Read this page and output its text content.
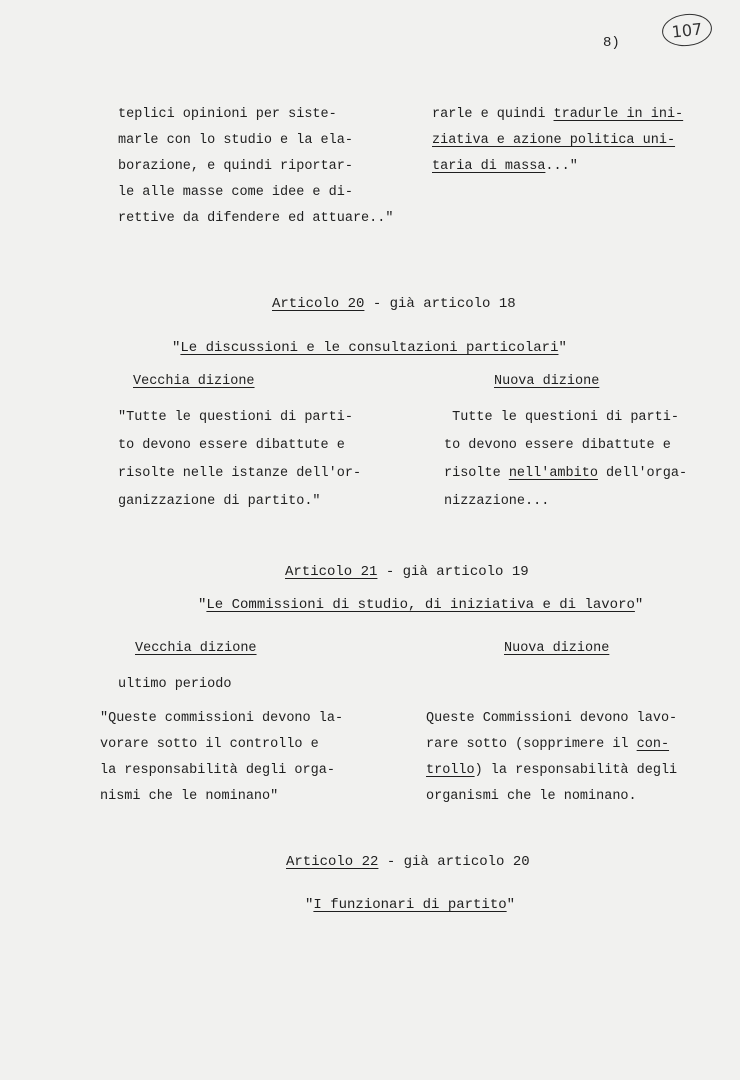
107
8)
teplici opinioni per siste-
marle con lo studio e la ela-
borazione, e quindi riportar-
le alle masse come idee e di-
rettive da difendere ed attuare.."
rarle e quindi tradurle in ini-
ziativa e azione politica uni-
taria di massa..."
Articolo 20 - già articolo 18
"Le discussioni e le consultazioni particolari"
Vecchia dizione	Nuova dizione
"Tutte le questioni di parti-
to devono essere dibattute e
risolte nelle istanze dell'or-
ganizzazione di partito."
Tutte le questioni di parti-
to devono essere dibattute e
risolte nell'ambito dell'orga-
nizzazione...
Articolo 21 - già articolo 19
"Le Commissioni di studio, di iniziativa e di lavoro"
Vecchia dizione	Nuova dizione
ultimo periodo
"Queste commissioni devono la-
vorare sotto il controllo e
la responsabilità degli orga-
nismi che le nominano"
Queste Commissioni devono lavo-
rare sotto (sopprimere il con-
trollo) la responsabilità degli
organismi che le nominano.
Articolo 22 - già articolo 20
"I funzionari di partito"
